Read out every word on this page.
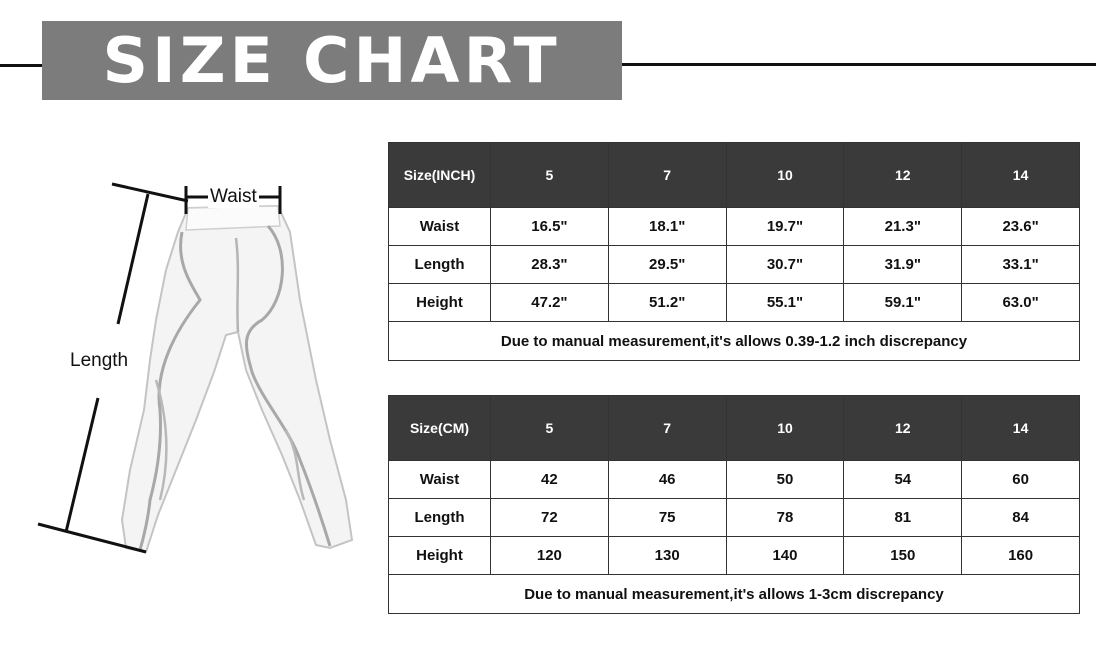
SIZE CHART
Waist
Length
Size(INCH)	5	7	10	12	14
Waist	16.5"	18.1"	19.7"	21.3"	23.6"
Length	28.3"	29.5"	30.7"	31.9"	33.1"
Height	47.2"	51.2"	55.1"	59.1"	63.0"
Due to manual measurement,it's allows 0.39-1.2 inch discrepancy					
Size(CM)	5	7	10	12	14
Waist	42	46	50	54	60
Length	72	75	78	81	84
Height	120	130	140	150	160
Due to manual measurement,it's allows 1-3cm discrepancy					
